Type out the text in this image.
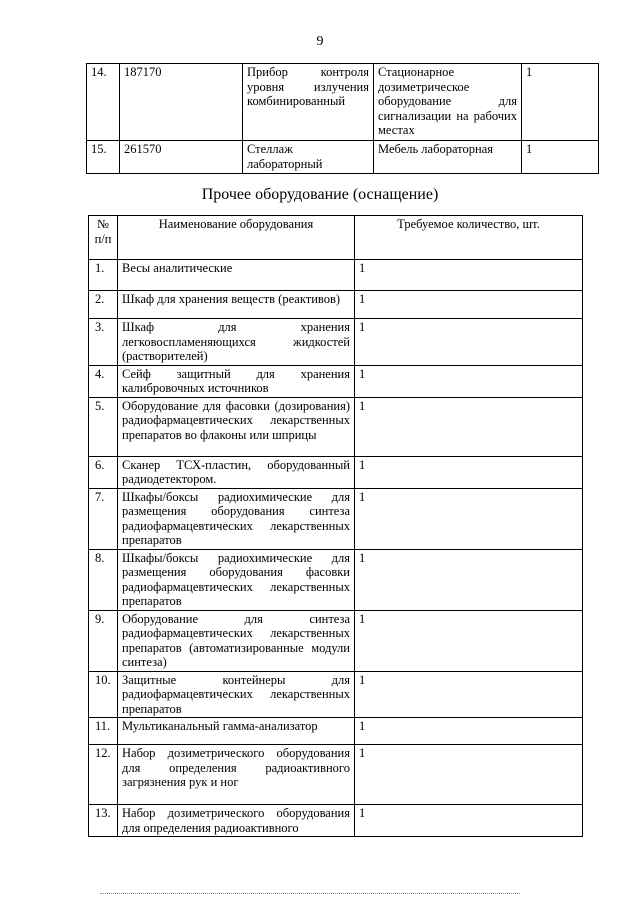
9
14.	187170	Прибор контроля уровня излучения комбинированный	Стационарное дозиметрическое оборудование для сигнализации на рабочих местах	1
15.	261570	Стеллаж лабораторный	Мебель лабораторная	1
Прочее оборудование (оснащение)
№ п/п	Наименование оборудования	Требуемое количество, шт.
1.	Весы аналитические	1
2.	Шкаф для хранения веществ (реактивов)	1
3.	Шкаф для хранения легковоспламеняющихся жидкостей (растворителей)	1
4.	Сейф защитный для хранения калибровочных источников	1
5.	Оборудование для фасовки (дозирования) радиофармацевтических лекарственных препаратов во флаконы или шприцы	1
6.	Сканер ТСХ-пластин, оборудованный радиодетектором.	1
7.	Шкафы/боксы радиохимические для размещения оборудования синтеза радиофармацевтических лекарственных препаратов	1
8.	Шкафы/боксы радиохимические для размещения оборудования фасовки радиофармацевтических лекарственных препаратов	1
9.	Оборудование для синтеза радиофармацевтических лекарственных препаратов (автоматизированные модули синтеза)	1
10.	Защитные контейнеры для радиофармацевтических лекарственных препаратов	1
11.	Мультиканальный гамма-анализатор	1
12.	Набор дозиметрического оборудования для определения радиоактивного загрязнения рук и ног	1
13.	Набор дозиметрического оборудования для определения радиоактивного	1
